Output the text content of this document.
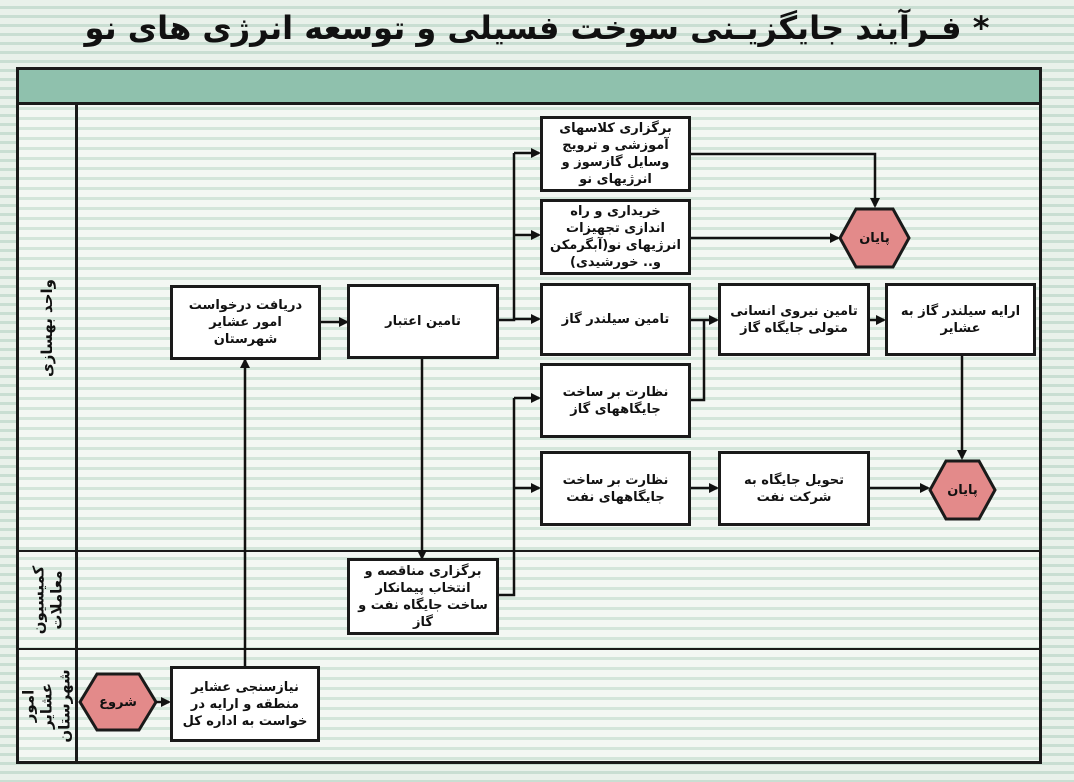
* فـرآیند جایگزیـنی سوخت فسیلی و توسعه انرژی های نو
واحد بهسازی
کمیسیون معاملات
امور عشایر شهرستان	شروع
پایان
پایان
نیازسنجی عشایر منطقه و ارایه در خواست به اداره کل
دریافت درخواست امور عشایر شهرستان
تامین اعتبار
برگزاری مناقصه و انتخاب پیمانکار ساخت جایگاه نفت و گاز
برگزاری کلاسهای آموزشی و ترویج وسایل گازسوز و انرژیهای نو
خریداری و راه اندازی تجهیزات انرژیهای نو(آبگرمکن و.. خورشیدی)
تامین سیلندر گاز
نظارت بر ساخت جایگاههای گاز
نظارت بر ساخت جایگاههای نفت
تامین نیروی انسانی متولی جایگاه گاز
ارایه سیلندر گاز به عشایر
تحویل جایگاه به شرکت نفت
